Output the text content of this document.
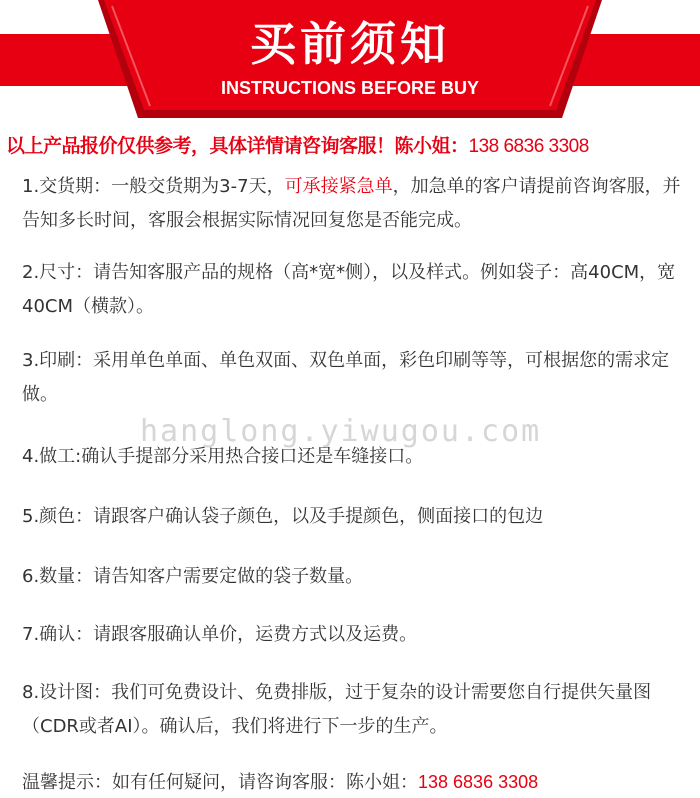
买前须知
INSTRUCTIONS BEFORE BUY
以上产品报价仅供参考，具体详情请咨询客服！陈小姐：138 6836 3308
1.交货期：一般交货期为3-7天，可承接紧急单，加急单的客户请提前咨询客服，并告知多长时间，客服会根据实际情况回复您是否能完成。
2.尺寸：请告知客服产品的规格（高*宽*侧），以及样式。例如袋子：高40CM，宽40CM（横款）。
3.印刷：采用单色单面、单色双面、双色单面，彩色印刷等等，可根据您的需求定做。
hanglong.yiwugou.com
4.做工:确认手提部分采用热合接口还是车缝接口。
5.颜色：请跟客户确认袋子颜色，以及手提颜色，侧面接口的包边
6.数量：请告知客户需要定做的袋子数量。
7.确认：请跟客服确认单价，运费方式以及运费。
8.设计图：我们可免费设计、免费排版，过于复杂的设计需要您自行提供矢量图（CDR或者AI）。确认后，我们将进行下一步的生产。
温馨提示：如有任何疑问，请咨询客服：陈小姐：138 6836 3308
